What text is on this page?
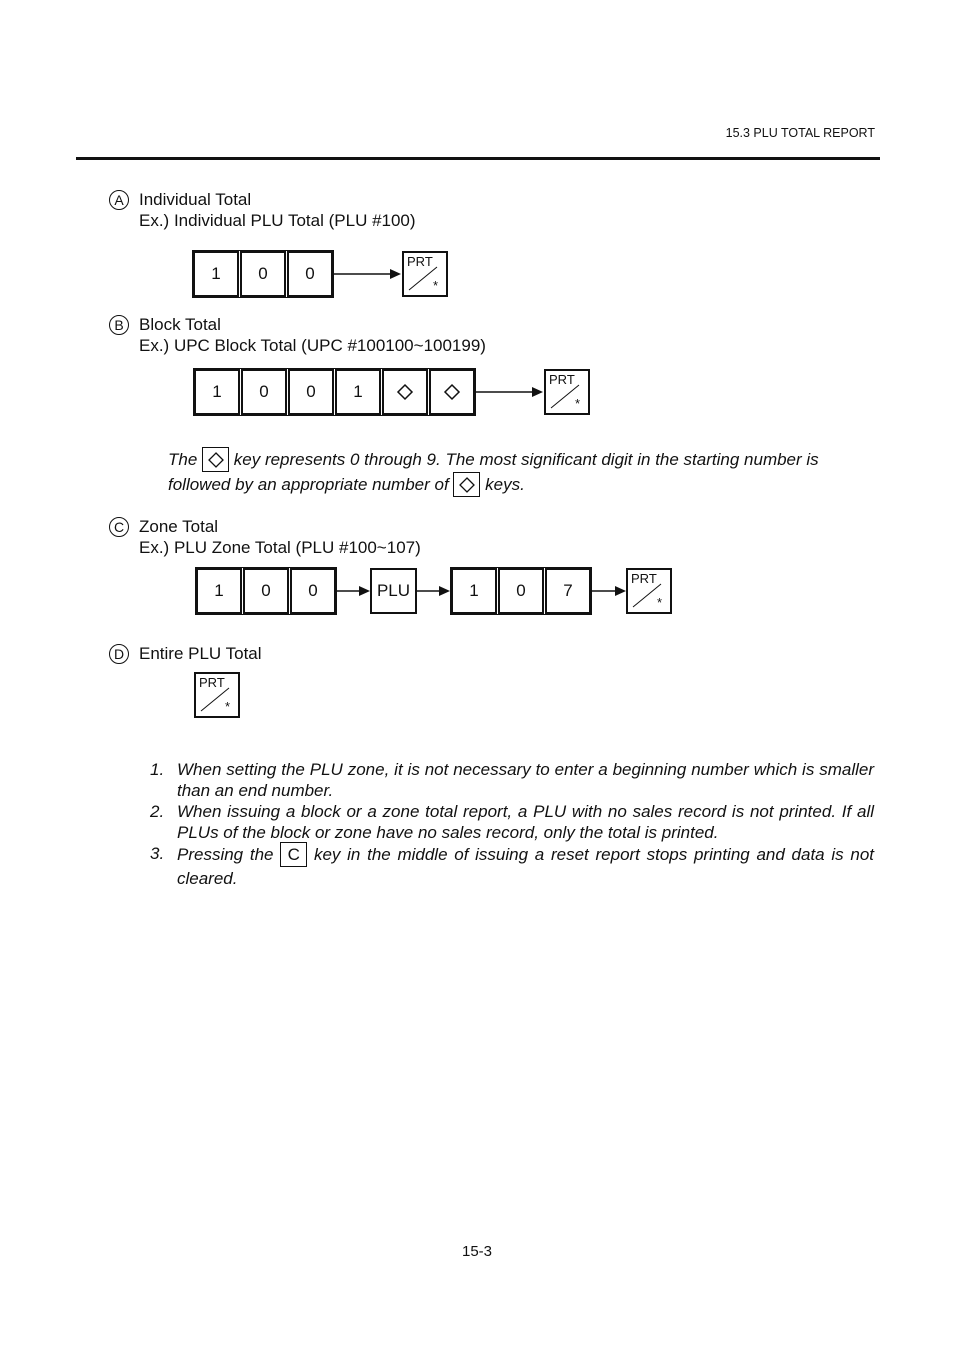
15.3 PLU TOTAL REPORT
A Individual Total
Ex.) Individual PLU Total (PLU #100)
1	0	0
PRT
*
B Block Total
Ex.) UPC Block Total (UPC #100100~100199)
1	0	0	1
PRT
*
The key represents 0 through 9. The most significant digit in the starting number is followed by an appropriate number of keys.
C Zone Total
Ex.) PLU Zone Total (PLU #100~107)
1	0	0	PLU	1	0	7
PRT
*
D Entire PLU Total
PRT
*
1. When setting the PLU zone, it is not necessary to enter a beginning number which is smaller than an end number.
2. When issuing a block or a zone total report, a PLU with no sales record is not printed. If all PLUs of the block or zone have no sales record, only the total is printed.
3. Pressing the C key in the middle of issuing a reset report stops printing and data is not cleared.
15-3
